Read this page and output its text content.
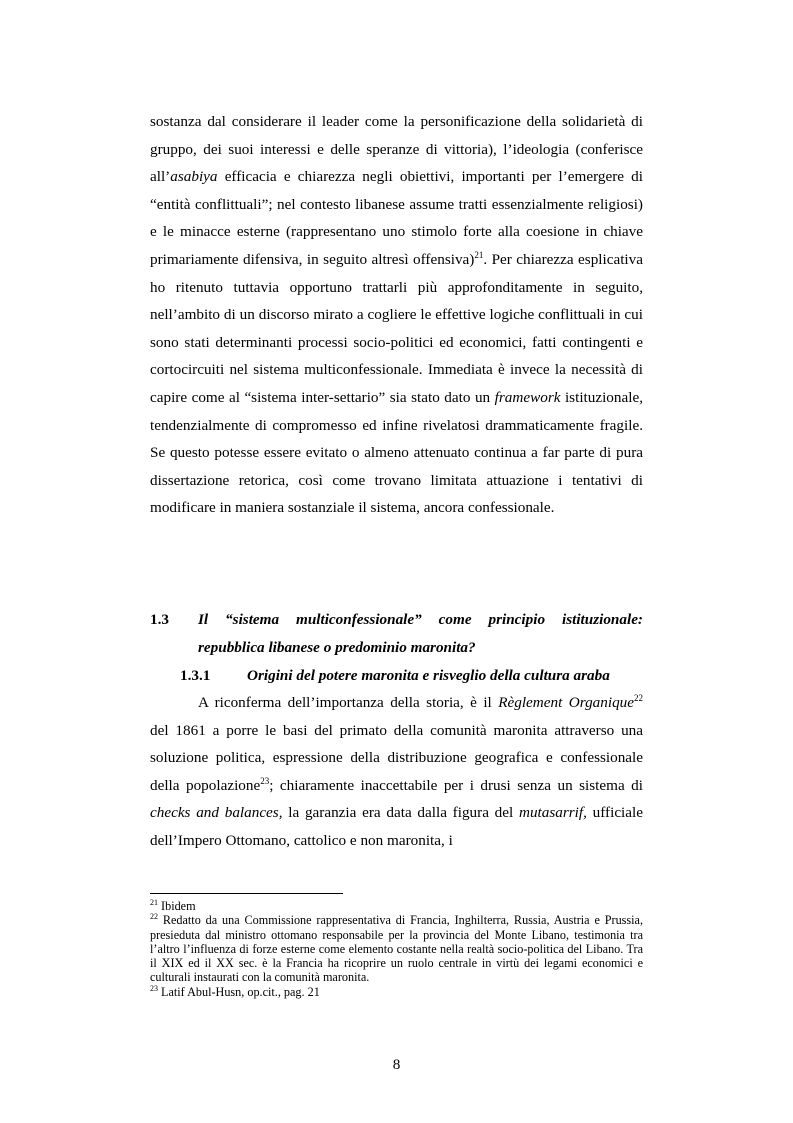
sostanza dal considerare il leader come la personificazione della solidarietà di gruppo, dei suoi interessi e delle speranze di vittoria), l’ideologia (conferisce all’asabiya efficacia e chiarezza negli obiettivi, importanti per l’emergere di “entità conflittuali”; nel contesto libanese assume tratti essenzialmente religiosi) e le minacce esterne (rappresentano uno stimolo forte alla coesione in chiave primariamente difensiva, in seguito altresì offensiva)$^{21}$. Per chiarezza esplicativa ho ritenuto tuttavia opportuno trattarli più approfonditamente in seguito, nell’ambito di un discorso mirato a cogliere le effettive logiche conflittuali in cui sono stati determinanti processi socio-politici ed economici, fatti contingenti e cortocircuiti nel sistema multiconfessionale. Immediata è invece la necessità di capire come al “sistema inter-settario” sia stato dato un framework istituzionale, tendenzialmente di compromesso ed infine rivelatosi drammaticamente fragile. Se questo potesse essere evitato o almeno attenuato continua a far parte di pura dissertazione retorica, così come trovano limitata attuazione i tentativi di modificare in maniera sostanziale il sistema, ancora confessionale.

1.3 Il “sistema multiconfessionale” come principio istituzionale: repubblica libanese o predominio maronita?
1.3.1 Origini del potere maronita e risveglio della cultura araba

A riconferma dell’importanza della storia, è il Règlement Organique$^{22}$ del 1861 a porre le basi del primato della comunità maronita attraverso una soluzione politica, espressione della distribuzione geografica e confessionale della popolazione$^{23}$; chiaramente inaccettabile per i drusi senza un sistema di checks and balances, la garanzia era data dalla figura del mutasarrif, ufficiale dell’Impero Ottomano, cattolico e non maronita, i

$^{21}$ Ibidem

$^{22}$ Redatto da una Commissione rappresentativa di Francia, Inghilterra, Russia, Austria e Prussia, presieduta dal ministro ottomano responsabile per la provincia del Monte Libano, testimonia tra l’altro l’influenza di forze esterne come elemento costante nella realtà socio-politica del Libano. Tra il XIX ed il XX sec. è la Francia ha ricoprire un ruolo centrale in virtù dei legami economici e culturali instaurati con la comunità maronita.

$^{23}$ Latif Abul-Husn, op.cit., pag. 21

8
